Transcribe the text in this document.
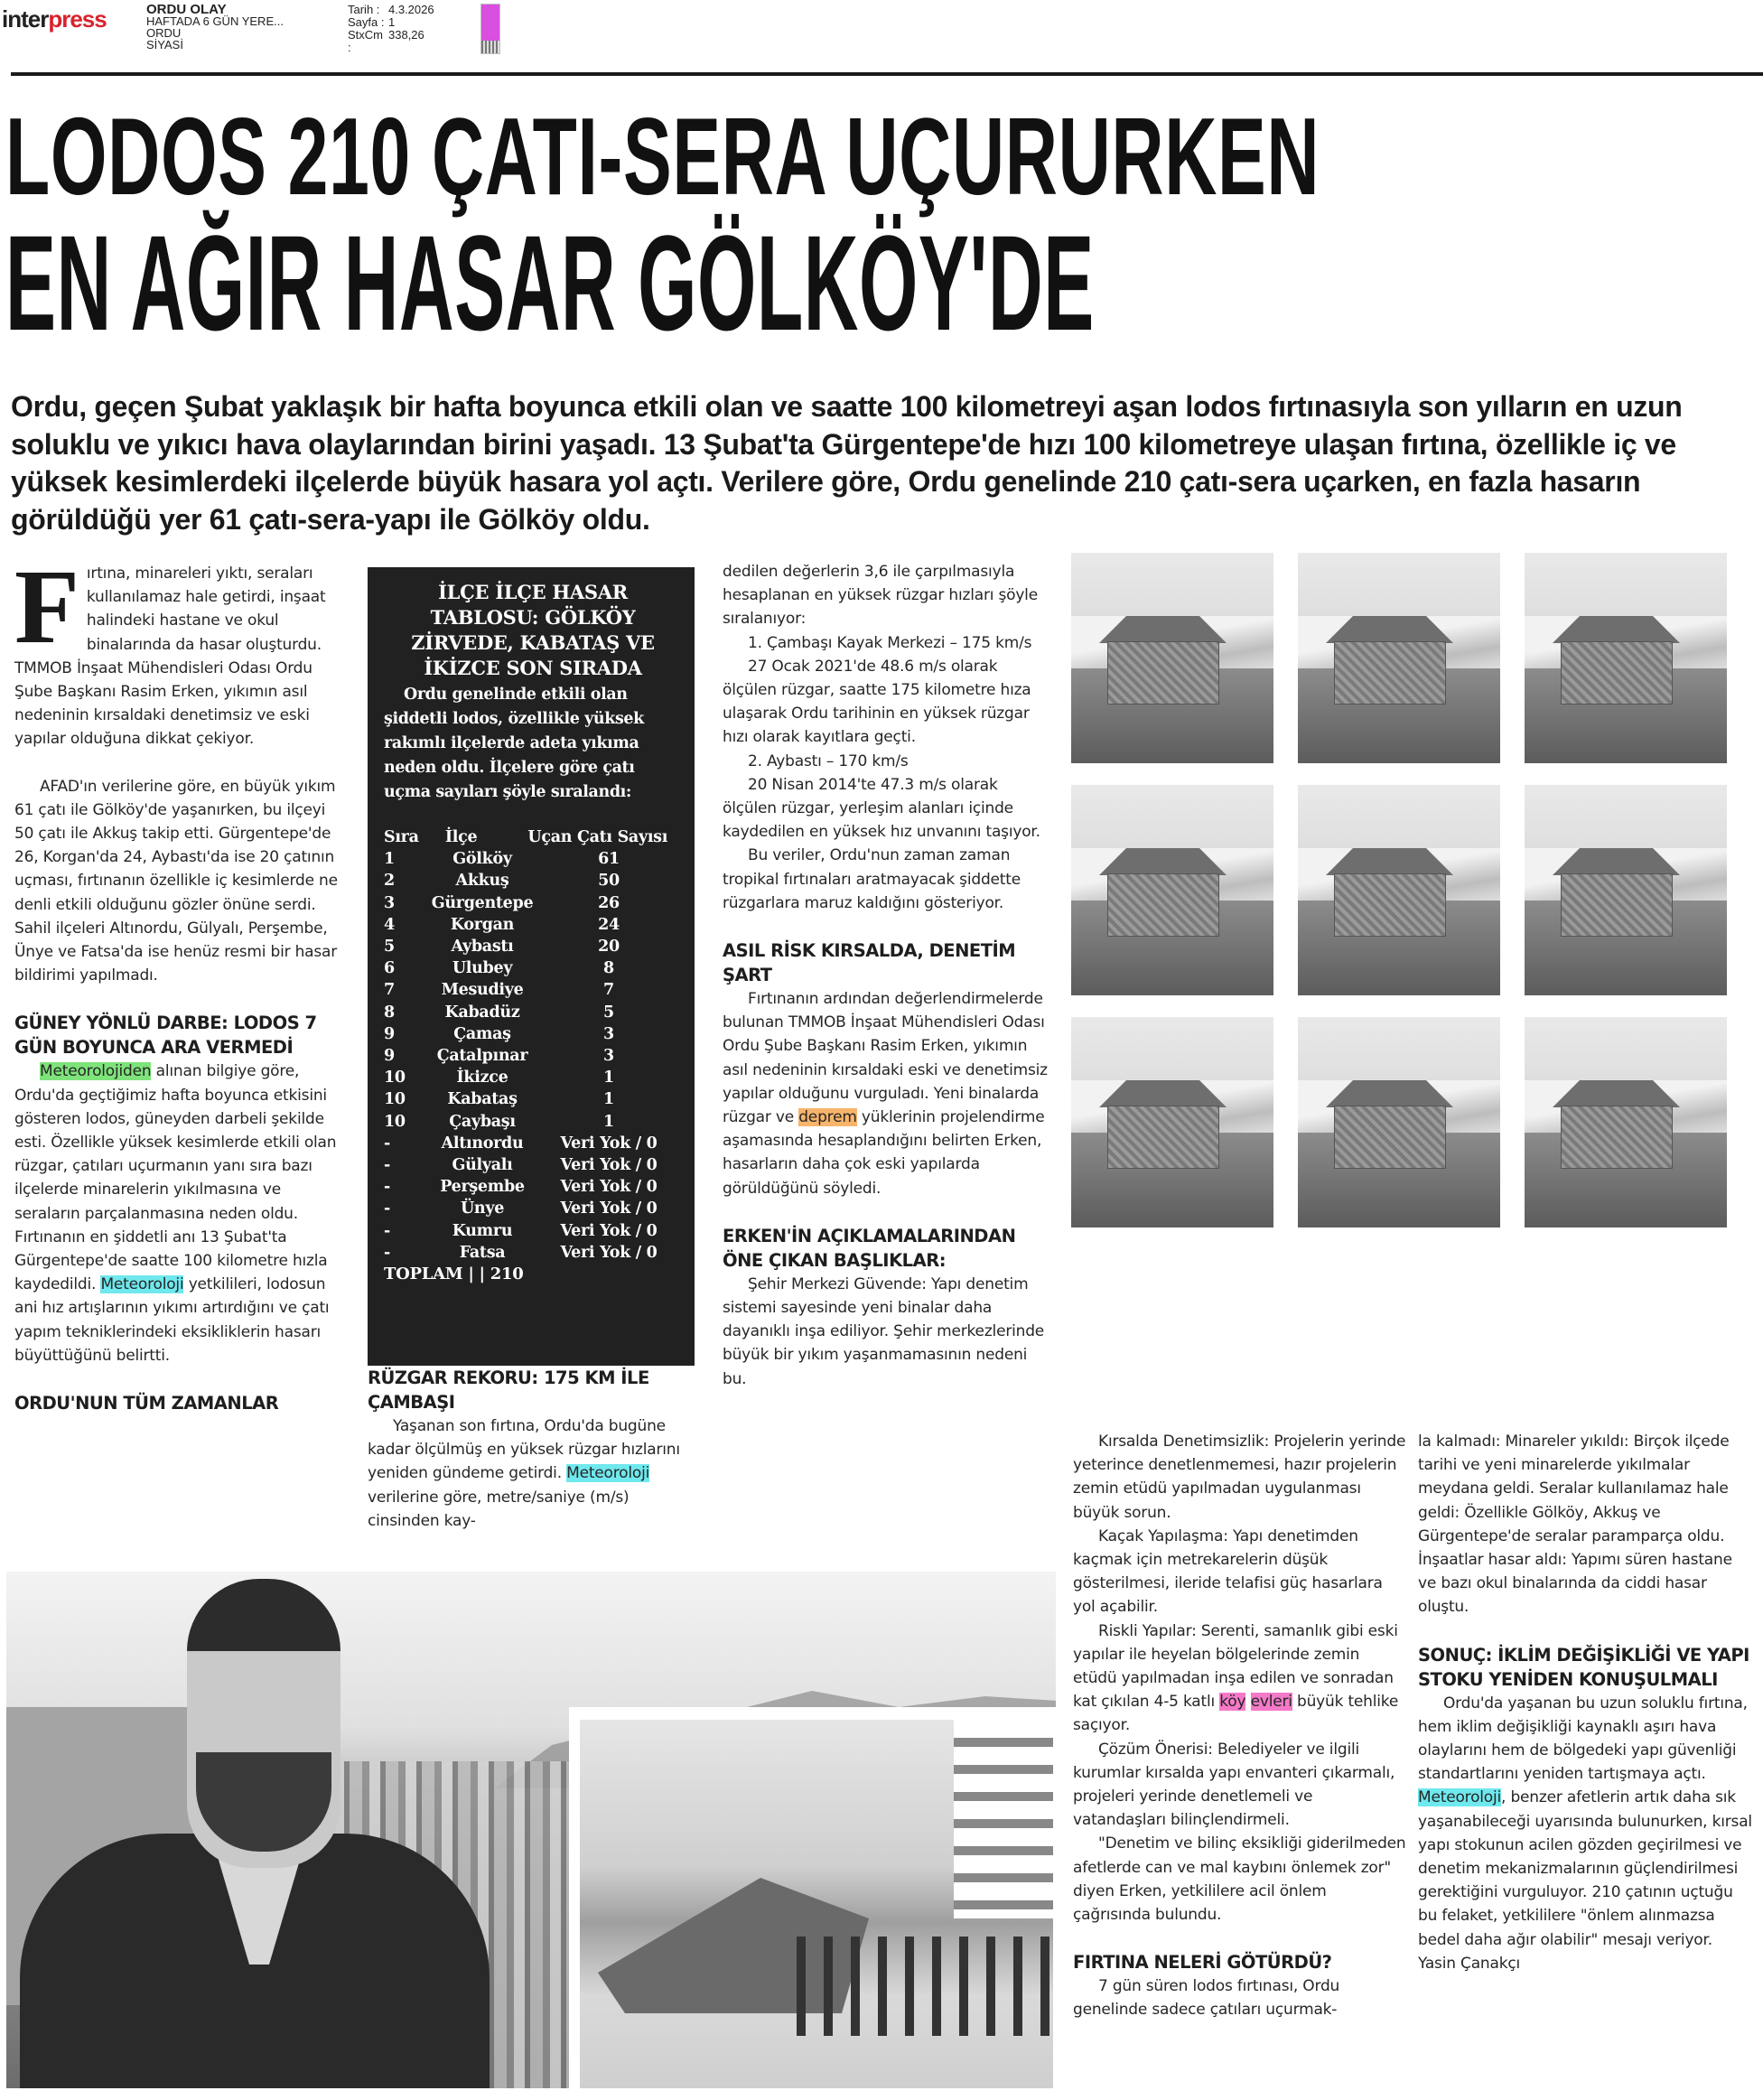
interpress	ORDU OLAY
HAFTADA 6 GÜN YERE...
ORDU
SİYASİ
Tarih : 4.3.2026
Sayfa : 1
StxCm :
338,26
LODOS 210 ÇATI-SERA UÇURURKEN
EN AĞIR HASAR GÖLKÖY'DE

Ordu, geçen Şubat yaklaşık bir hafta boyunca etkili olan ve saatte 100 kilometreyi aşan lodos fırtınasıyla son yılların en uzun soluklu ve yıkıcı hava olaylarından birini yaşadı. 13 Şubat'ta Gürgentepe'de hızı 100 kilometreye ulaşan fırtına, özellikle iç ve yüksek kesimlerdeki ilçelerde büyük hasara yol açtı. Verilere göre, Ordu genelinde 210 çatı-sera uçarken, en fazla hasarın görüldüğü yer 61 çatı-sera-yapı ile Gölköy oldu.

Fırtına, minareleri yıktı, seraları kullanılamaz hale getirdi, inşaat halindeki hastane ve okul binalarında da hasar oluşturdu. TMMOB İnşaat Mühendisleri Odası Ordu Şube Başkanı Rasim Erken, yıkımın asıl nedeninin kırsaldaki denetimsiz ve eski yapılar olduğuna dikkat çekiyor.

AFAD'ın verilerine göre, en büyük yıkım 61 çatı ile Gölköy'de yaşanırken, bu ilçeyi 50 çatı ile Akkuş takip etti. Gürgentepe'de 26, Korgan'da 24, Aybastı'da ise 20 çatının uçması, fırtınanın özellikle iç kesimlerde ne denli etkili olduğunu gözler önüne serdi. Sahil ilçeleri Altınordu, Gülyalı, Perşembe, Ünye ve Fatsa'da ise henüz resmi bir hasar bildirimi yapılmadı.

GÜNEY YÖNLÜ DARBE: LODOS 7 GÜN BOYUNCA ARA VERMEDİ

Meteorolojiden alınan bilgiye göre, Ordu'da geçtiğimiz hafta boyunca etkisini gösteren lodos, güneyden darbeli şekilde esti. Özellikle yüksek kesimlerde etkili olan rüzgar, çatıları uçurmanın yanı sıra bazı ilçelerde minarelerin yıkılmasına ve seraların parçalanmasına neden oldu. Fırtınanın en şiddetli anı 13 Şubat'ta Gürgentepe'de saatte 100 kilometre hızla kaydedildi. Meteoroloji yetkilileri, lodosun ani hız artışlarının yıkımı artırdığını ve çatı yapım tekniklerindeki eksikliklerin hasarı büyüttüğünü belirtti.

ORDU'NUN TÜM ZAMANLAR
İLÇE İLÇE HASAR TABLOSU: GÖLKÖY ZİRVEDE, KABATAŞ VE İKİZCE SON SIRADA
Ordu genelinde etkili olan şiddetli lodos, özellikle yüksek rakımlı ilçelerde adeta yıkıma neden oldu. İlçelere göre çatı uçma sayıları şöyle sıralandı:
Sıra	İlçe	Uçan Çatı Sayısı
1	Gölköy	61
2	Akkuş	50
3	Gürgentepe	26
4	Korgan	24
5	Aybastı	20
6	Ulubey	8
7	Mesudiye	7
8	Kabadüz	5
9	Çamaş	3
9	Çatalpınar	3
10	İkizce	1
10	Kabataş	1
10	Çaybaşı	1
-	Altınordu	Veri Yok / 0
-	Gülyalı	Veri Yok / 0
-	Perşembe	Veri Yok / 0
-	Ünye	Veri Yok / 0
-	Kumru	Veri Yok / 0
-	Fatsa	Veri Yok / 0
TOPLAM | | 210
RÜZGAR REKORU: 175 KM İLE ÇAMBAŞI

Yaşanan son fırtına, Ordu'da bugüne kadar ölçülmüş en yüksek rüzgar hızlarını yeniden gündeme getirdi. Meteoroloji verilerine göre, metre/saniye (m/s) cinsinden kay-

dedilen değerlerin 3,6 ile çarpılmasıyla hesaplanan en yüksek rüzgar hızları şöyle sıralanıyor:

1. Çambaşı Kayak Merkezi – 175 km/s

27 Ocak 2021'de 48.6 m/s olarak ölçülen rüzgar, saatte 175 kilometre hıza ulaşarak Ordu tarihinin en yüksek rüzgar hızı olarak kayıtlara geçti.

2. Aybastı – 170 km/s

20 Nisan 2014'te 47.3 m/s olarak ölçülen rüzgar, yerleşim alanları içinde kaydedilen en yüksek hız unvanını taşıyor.

Bu veriler, Ordu'nun zaman zaman tropikal fırtınaları aratmayacak şiddette rüzgarlara maruz kaldığını gösteriyor.

ASIL RİSK KIRSALDA, DENETİM ŞART

Fırtınanın ardından değerlendirmelerde bulunan TMMOB İnşaat Mühendisleri Odası Ordu Şube Başkanı Rasim Erken, yıkımın asıl nedeninin kırsaldaki eski ve denetimsiz yapılar olduğunu vurguladı. Yeni binalarda rüzgar ve deprem yüklerinin projelendirme aşamasında hesaplandığını belirten Erken, hasarların daha çok eski yapılarda görüldüğünü söyledi.

ERKEN'İN AÇIKLAMALARINDAN ÖNE ÇIKAN BAŞLIKLAR:

Şehir Merkezi Güvende: Yapı denetim sistemi sayesinde yeni binalar daha dayanıklı inşa ediliyor. Şehir merkezlerinde büyük bir yıkım yaşanmamasının nedeni bu.

Kırsalda Denetimsizlik: Projelerin yerinde yeterince denetlenmemesi, hazır projelerin zemin etüdü yapılmadan uygulanması büyük sorun.

Kaçak Yapılaşma: Yapı denetimden kaçmak için metrekarelerin düşük gösterilmesi, ileride telafisi güç hasarlara yol açabilir.

Riskli Yapılar: Serenti, samanlık gibi eski yapılar ile heyelan bölgelerinde zemin etüdü yapılmadan inşa edilen ve sonradan kat çıkılan 4-5 katlı köy evleri büyük tehlike saçıyor.

Çözüm Önerisi: Belediyeler ve ilgili kurumlar kırsalda yapı envanteri çıkarmalı, projeleri yerinde denetlemeli ve vatandaşları bilinçlendirmeli.

"Denetim ve bilinç eksikliği giderilmeden afetlerde can ve mal kaybını önlemek zor" diyen Erken, yetkililere acil önlem çağrısında bulundu.

FIRTINA NELERİ GÖTÜRDÜ?

7 gün süren lodos fırtınası, Ordu genelinde sadece çatıları uçurmak-

la kalmadı: Minareler yıkıldı: Birçok ilçede tarihi ve yeni minarelerde yıkılmalar meydana geldi. Seralar kullanılamaz hale geldi: Özellikle Gölköy, Akkuş ve Gürgentepe'de seralar paramparça oldu. İnşaatlar hasar aldı: Yapımı süren hastane ve bazı okul binalarında da ciddi hasar oluştu.

SONUÇ: İKLİM DEĞİŞİKLİĞİ VE YAPI STOKU YENİDEN KONUŞULMALI

Ordu'da yaşanan bu uzun soluklu fırtına, hem iklim değişikliği kaynaklı aşırı hava olaylarını hem de bölgedeki yapı güvenliği standartlarını yeniden tartışmaya açtı. Meteoroloji, benzer afetlerin artık daha sık yaşanabileceği uyarısında bulunurken, kırsal yapı stokunun acilen gözden geçirilmesi ve denetim mekanizmalarının güçlendirilmesi gerektiğini vurguluyor. 210 çatının uçtuğu bu felaket, yetkililere "önlem alınmazsa bedel daha ağır olabilir" mesajı veriyor. Yasin Çanakçı
